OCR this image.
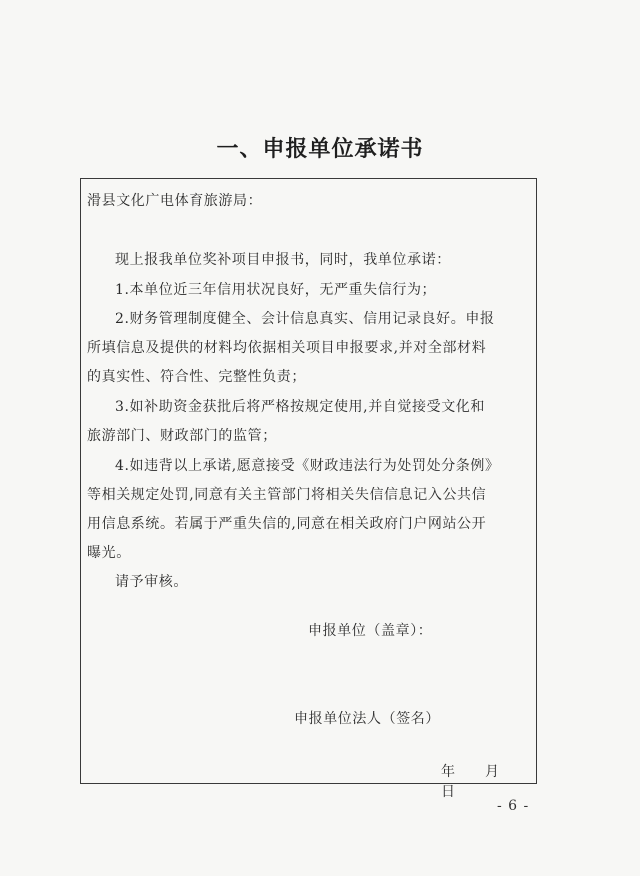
一、申报单位承诺书
滑县文化广电体育旅游局：
现上报我单位奖补项目申报书，同时，我单位承诺：
1.本单位近三年信用状况良好，无严重失信行为；
2.财务管理制度健全、会计信息真实、信用记录良好。申报
所填信息及提供的材料均依据相关项目申报要求,并对全部材料
的真实性、符合性、完整性负责；
3.如补助资金获批后将严格按规定使用,并自觉接受文化和
旅游部门、财政部门的监管；
4.如违背以上承诺,愿意接受《财政违法行为处罚处分条例》
等相关规定处罚,同意有关主管部门将相关失信信息记入公共信
用信息系统。若属于严重失信的,同意在相关政府门户网站公开
曝光。
请予审核。
申报单位（盖章）：
申报单位法人（签名）
年 月日
- 6 -
